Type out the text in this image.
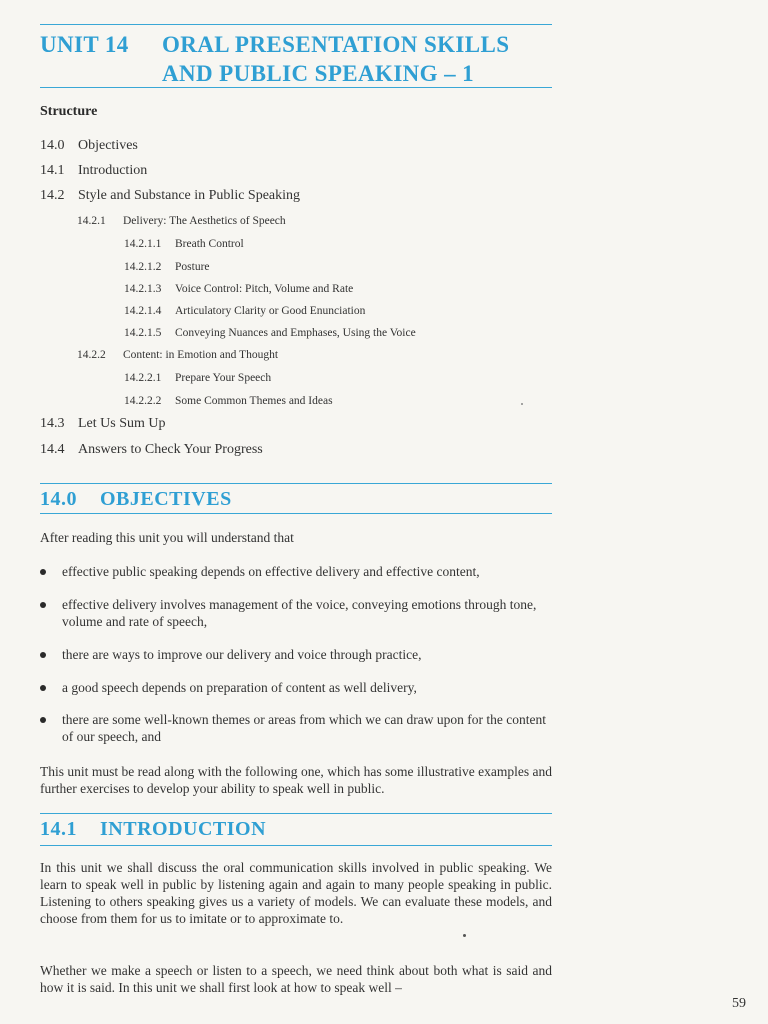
UNIT 14 ORAL PRESENTATION SKILLS
AND PUBLIC SPEAKING – 1
Structure
14.0 Objectives
14.1 Introduction
14.2 Style and Substance in Public Speaking
14.2.1 Delivery: The Aesthetics of Speech
14.2.1.1 Breath Control
14.2.1.2 Posture
14.2.1.3 Voice Control: Pitch, Volume and Rate
14.2.1.4 Articulatory Clarity or Good Enunciation
14.2.1.5 Conveying Nuances and Emphases, Using the Voice
14.2.2 Content: in Emotion and Thought
14.2.2.1 Prepare Your Speech
14.2.2.2 Some Common Themes and Ideas
14.3 Let Us Sum Up
14.4 Answers to Check Your Progress
14.0 OBJECTIVES
After reading this unit you will understand that
effective public speaking depends on effective delivery and effective content,
effective delivery involves management of the voice, conveying emotions through tone, volume and rate of speech,
there are ways to improve our delivery and voice through practice,
a good speech depends on preparation of content as well delivery,
there are some well-known themes or areas from which we can draw upon for the content of our speech, and
This unit must be read along with the following one, which has some illustrative examples and further exercises to develop your ability to speak well in public.
14.1 INTRODUCTION
In this unit we shall discuss the oral communication skills involved in public speaking. We learn to speak well in public by listening again and again to many people speaking in public. Listening to others speaking gives us a variety of models. We can evaluate these models, and choose from them for us to imitate or to approximate to.
Whether we make a speech or listen to a speech, we need think about both what is said and how it is said. In this unit we shall first look at how to speak well –
59
